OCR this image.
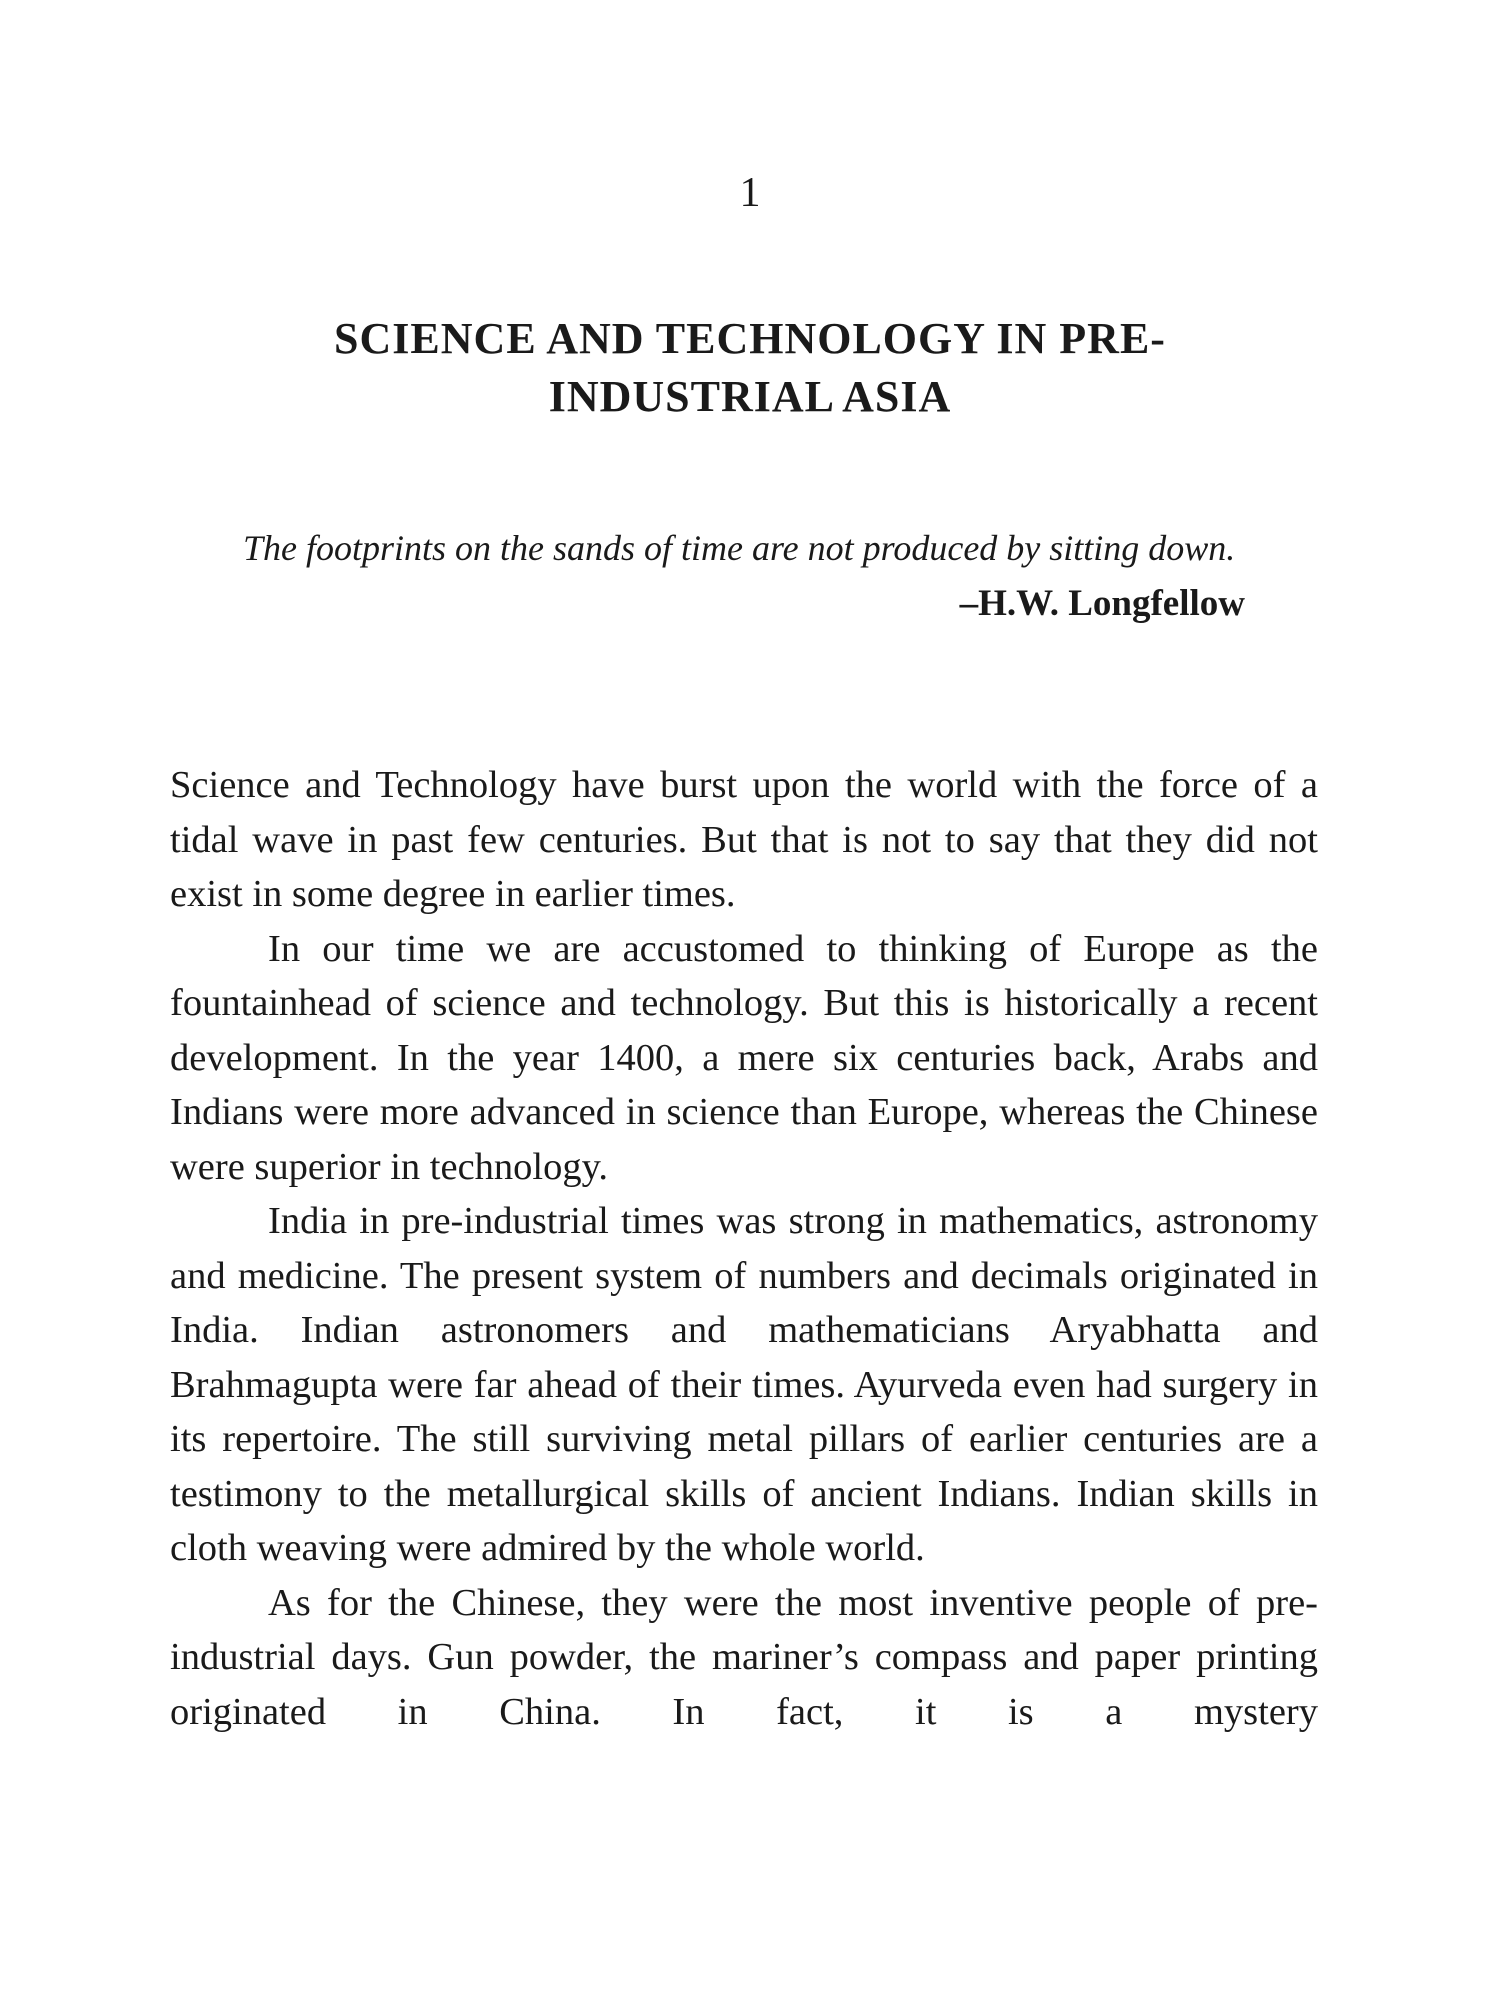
1
SCIENCE AND TECHNOLOGY IN PRE-INDUSTRIAL ASIA

The footprints on the sands of time are not produced by sitting down.

–H.W. Longfellow

Science and Technology have burst upon the world with the force of a tidal wave in past few centuries. But that is not to say that they did not exist in some degree in earlier times.

In our time we are accustomed to thinking of Europe as the fountainhead of science and technology. But this is historically a recent development. In the year 1400, a mere six centuries back, Arabs and Indians were more advanced in science than Europe, whereas the Chinese were superior in technology.

India in pre-industrial times was strong in mathematics, astronomy and medicine. The present system of numbers and decimals originated in India. Indian astronomers and mathematicians Aryabhatta and Brahmagupta were far ahead of their times. Ayurveda even had surgery in its repertoire. The still surviving metal pillars of earlier centuries are a testimony to the metallurgical skills of ancient Indians. Indian skills in cloth weaving were admired by the whole world.

As for the Chinese, they were the most inventive people of pre-industrial days. Gun powder, the mariner’s compass and paper printing originated in China. In fact, it is a mystery
